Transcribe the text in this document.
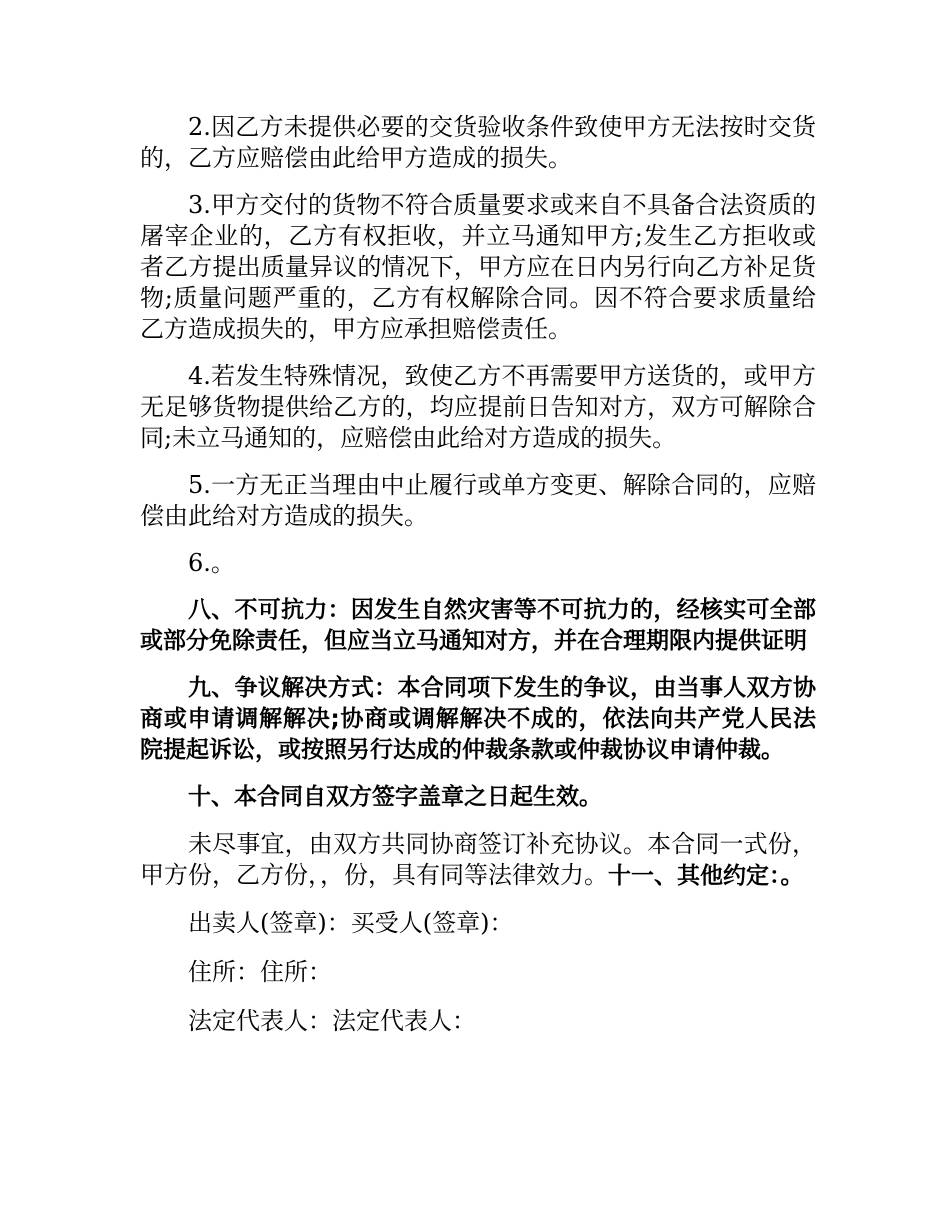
2.因乙方未提供必要的交货验收条件致使甲方无法按时交货的，乙方应赔偿由此给甲方造成的损失。

3.甲方交付的货物不符合质量要求或来自不具备合法资质的屠宰企业的，乙方有权拒收，并立马通知甲方;发生乙方拒收或者乙方提出质量异议的情况下，甲方应在日内另行向乙方补足货物;质量问题严重的，乙方有权解除合同。因不符合要求质量给乙方造成损失的，甲方应承担赔偿责任。

4.若发生特殊情况，致使乙方不再需要甲方送货的，或甲方无足够货物提供给乙方的，均应提前日告知对方，双方可解除合同;未立马通知的，应赔偿由此给对方造成的损失。

5.一方无正当理由中止履行或单方变更、解除合同的，应赔偿由此给对方造成的损失。

6.。

八、不可抗力：因发生自然灾害等不可抗力的，经核实可全部或部分免除责任，但应当立马通知对方，并在合理期限内提供证明

九、争议解决方式：本合同项下发生的争议，由当事人双方协商或申请调解解决;协商或调解解决不成的，依法向共产党人民法院提起诉讼，或按照另行达成的仲裁条款或仲裁协议申请仲裁。

十、本合同自双方签字盖章之日起生效。

未尽事宜，由双方共同协商签订补充协议。本合同一式份，甲方份，乙方份，，份，具有同等法律效力。十一、其他约定：。

出卖人(签章)：买受人(签章)：

住所：住所：

法定代表人：法定代表人：
